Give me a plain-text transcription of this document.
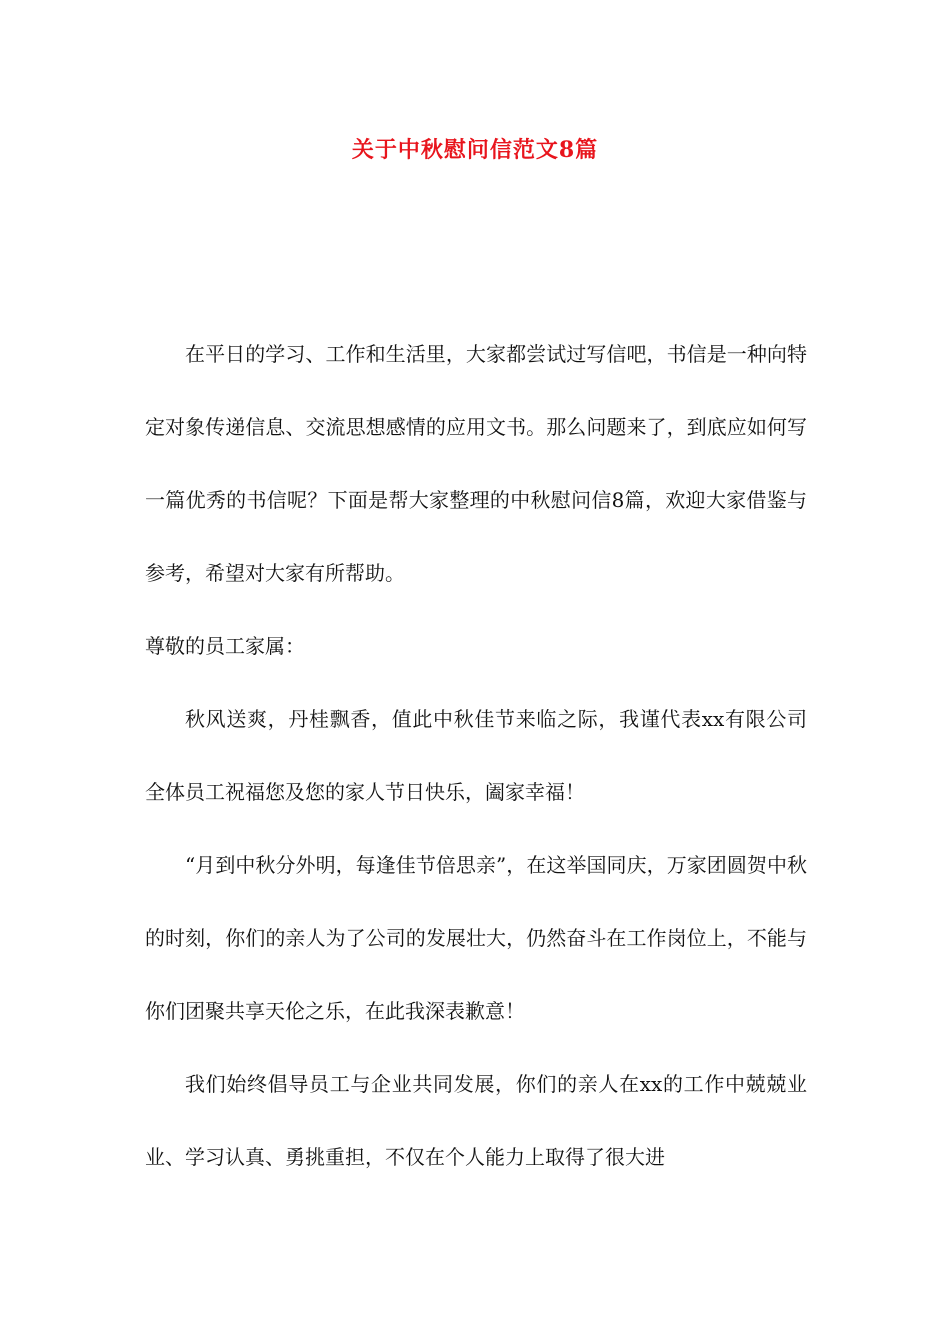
关于中秋慰问信范文8篇

在平日的学习、工作和生活里，大家都尝试过写信吧，书信是一种向特定对象传递信息、交流思想感情的应用文书。那么问题来了，到底应如何写一篇优秀的书信呢？下面是帮大家整理的中秋慰问信8篇，欢迎大家借鉴与参考，希望对大家有所帮助。

尊敬的员工家属：

秋风送爽，丹桂飘香，值此中秋佳节来临之际，我谨代表xx有限公司全体员工祝福您及您的家人节日快乐，阖家幸福！

“月到中秋分外明，每逢佳节倍思亲”，在这举国同庆，万家团圆贺中秋的时刻，你们的亲人为了公司的发展壮大，仍然奋斗在工作岗位上，不能与你们团聚共享天伦之乐，在此我深表歉意！

我们始终倡导员工与企业共同发展，你们的亲人在xx的工作中兢兢业业、学习认真、勇挑重担，不仅在个人能力上取得了很大进
